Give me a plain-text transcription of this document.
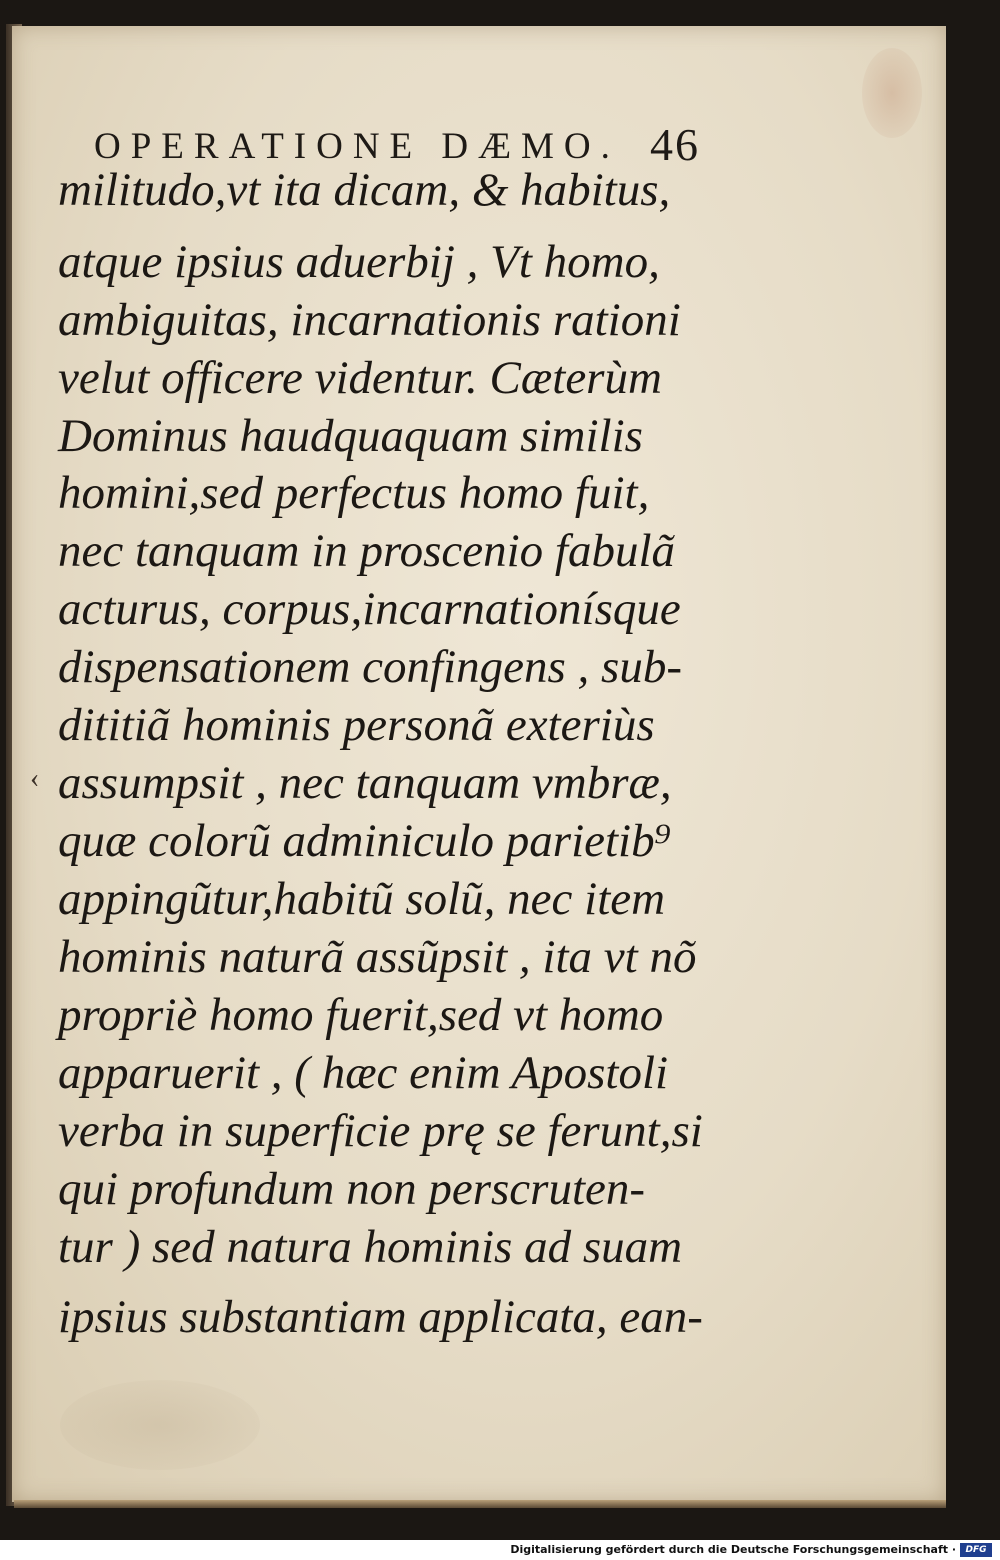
OPERATIONE DÆMO. 46
militudo,vt ita dicam, & habitus,
atque ipsius aduerbij , Vt homo,
ambiguitas, incarnationis rationi
velut officere videntur. Cæterùm
Dominus haudquaquam similis
homini,sed perfectus homo fuit,
nec tanquam in proscenio fabulã
acturus, corpus,incarnationísque
dispensationem confingens , sub-
dititiã hominis personã exteriùs
assumpsit , nec tanquam vmbræ,
quæ colorũ adminiculo parietib⁹
appingũtur,habitũ solũ, nec item
hominis naturã assũpsit , ita vt nõ
propriè homo fuerit,sed vt homo
apparuerit , ( hæc enim Apostoli
verba in superficie prę se ferunt,si
qui profundum non perscruten-
tur ) sed natura hominis ad suam
ipsius substantiam applicata, ean-
‹
Digitalisierung gefördert durch die Deutsche Forschungsgemeinschaft ·	DFG
